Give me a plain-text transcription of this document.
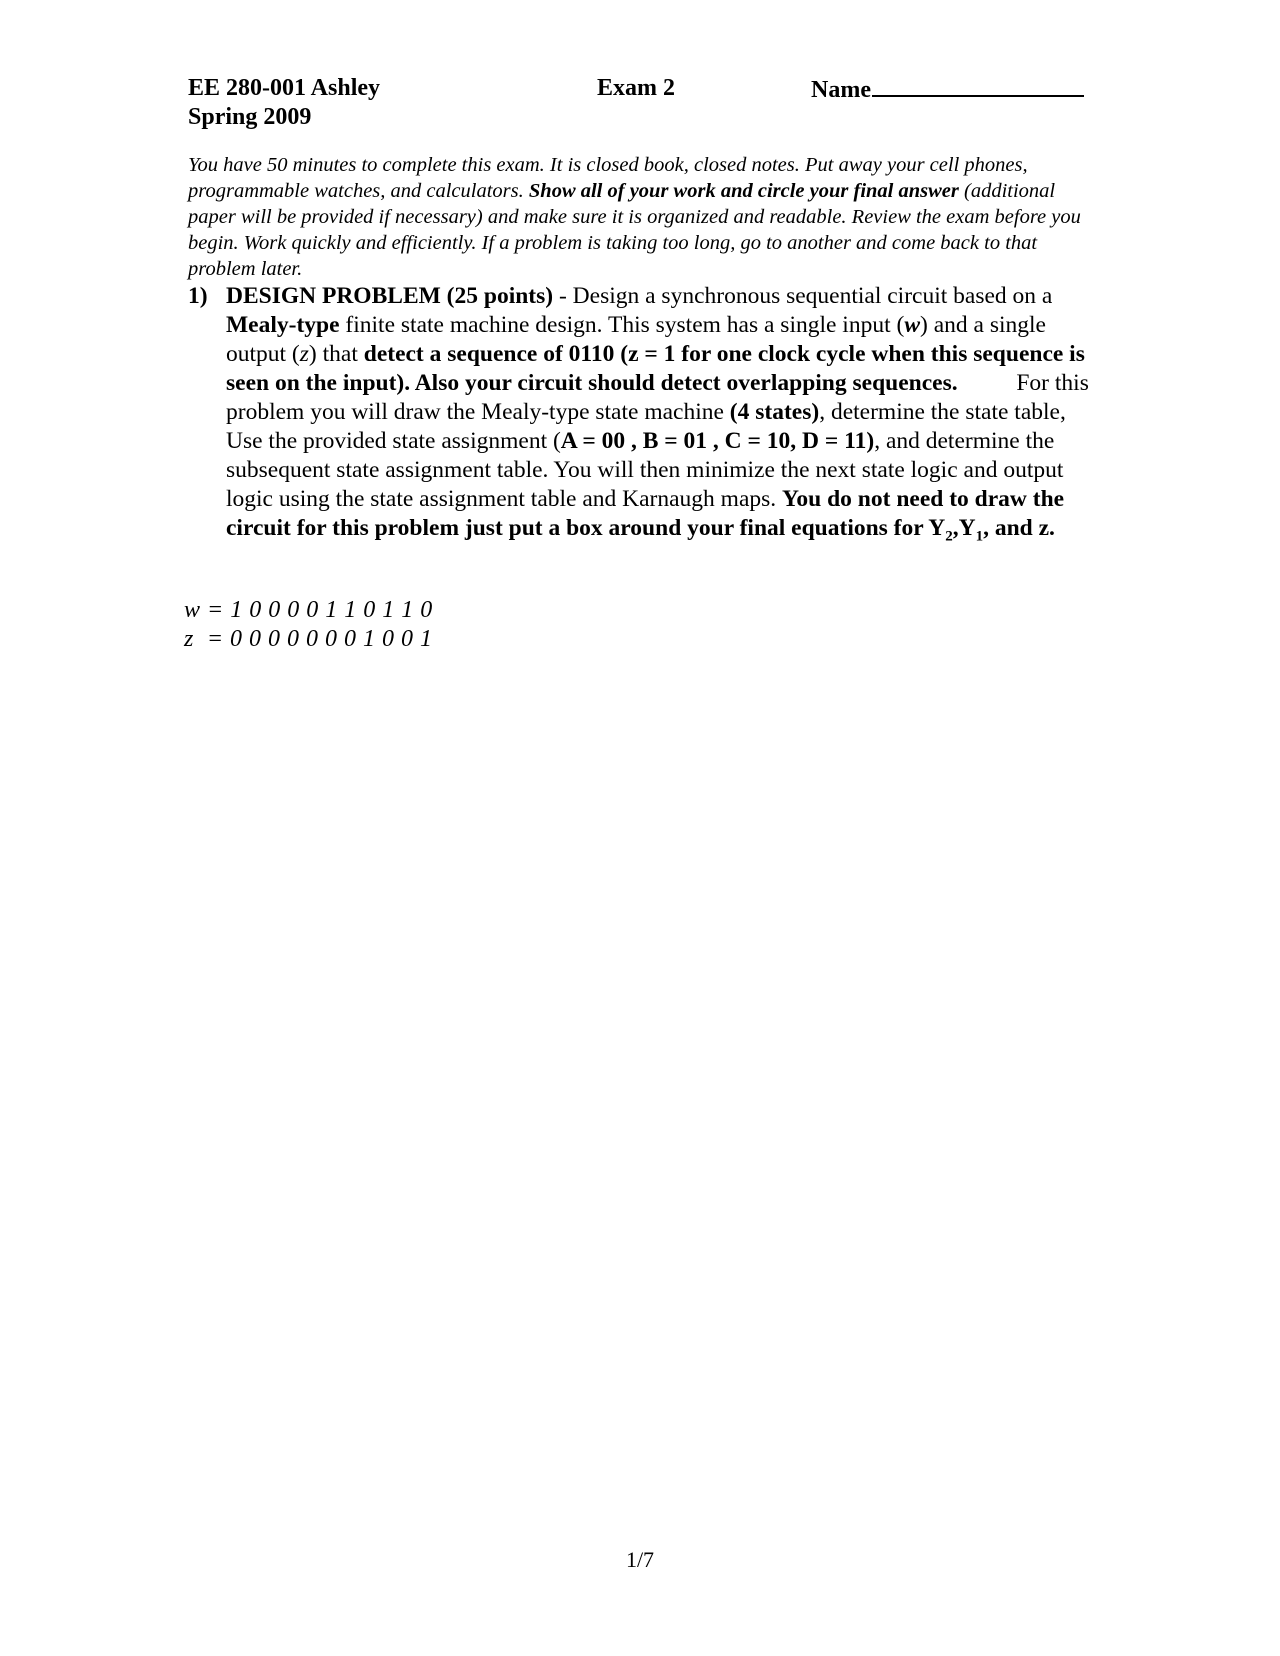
EE 280-001 Ashley	Exam 2	Name
Spring 2009
You have 50 minutes to complete this exam. It is closed book, closed notes. Put away your cell phones, programmable watches, and calculators. Show all of your work and circle your final answer (additional paper will be provided if necessary) and make sure it is organized and readable. Review the exam before you begin. Work quickly and efficiently. If a problem is taking too long, go to another and come back to that problem later.
1) DESIGN PROBLEM (25 points) - Design a synchronous sequential circuit based on a Mealy-type finite state machine design. This system has a single input (w) and a single output (z) that detect a sequence of 0110 (z = 1 for one clock cycle when this sequence is seen on the input). Also your circuit should detect overlapping sequences.          For this problem you will draw the Mealy-type state machine (4 states), determine the state table, Use the provided state assignment (A = 00 , B = 01 , C = 10, D = 11), and determine the subsequent state assignment table. You will then minimize the next state logic and output logic using the state assignment table and Karnaugh maps. You do not need to draw the circuit for this problem just put a box around your final equations for $Y_2,Y_1$, and z.
w = 1 0 0 0 0 1 1 0 1 1 0
z  = 0 0 0 0 0 0 0 1 0 0 1
1/7
